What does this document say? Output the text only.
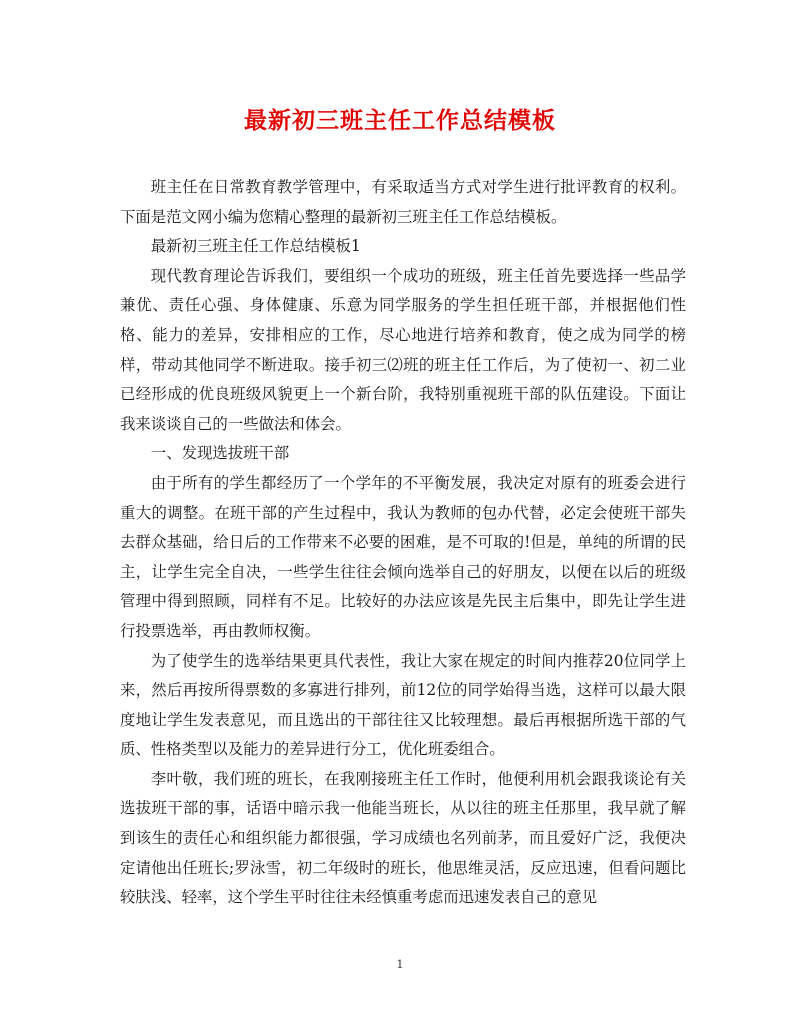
最新初三班主任工作总结模板

班主任在日常教育教学管理中，有采取适当方式对学生进行批评教育的权利。下面是范文网小编为您精心整理的最新初三班主任工作总结模板。

最新初三班主任工作总结模板1

现代教育理论告诉我们，要组织一个成功的班级，班主任首先要选择一些品学兼优、责任心强、身体健康、乐意为同学服务的学生担任班干部，并根据他们性格、能力的差异，安排相应的工作，尽心地进行培养和教育，使之成为同学的榜样，带动其他同学不断进取。接手初三⑵班的班主任工作后，为了使初一、初二业已经形成的优良班级风貌更上一个新台阶，我特别重视班干部的队伍建设。下面让我来谈谈自己的一些做法和体会。

一、发现选拔班干部

由于所有的学生都经历了一个学年的不平衡发展，我决定对原有的班委会进行重大的调整。在班干部的产生过程中，我认为教师的包办代替，必定会使班干部失去群众基础，给日后的工作带来不必要的困难，是不可取的!但是，单纯的所谓的民主，让学生完全自决，一些学生往往会倾向选举自己的好朋友，以便在以后的班级管理中得到照顾，同样有不足。比较好的办法应该是先民主后集中，即先让学生进行投票选举，再由教师权衡。

为了使学生的选举结果更具代表性，我让大家在规定的时间内推荐20位同学上来，然后再按所得票数的多寡进行排列，前12位的同学始得当选，这样可以最大限度地让学生发表意见，而且选出的干部往往又比较理想。最后再根据所选干部的气质、性格类型以及能力的差异进行分工，优化班委组合。

李叶敬，我们班的班长，在我刚接班主任工作时，他便利用机会跟我谈论有关选拔班干部的事，话语中暗示我一他能当班长，从以往的班主任那里，我早就了解到该生的责任心和组织能力都很强，学习成绩也名列前茅，而且爱好广泛，我便决定请他出任班长;罗泳雪，初二年级时的班长，他思维灵活，反应迅速，但看问题比较肤浅、轻率，这个学生平时往往未经慎重考虑而迅速发表自己的意见

1
